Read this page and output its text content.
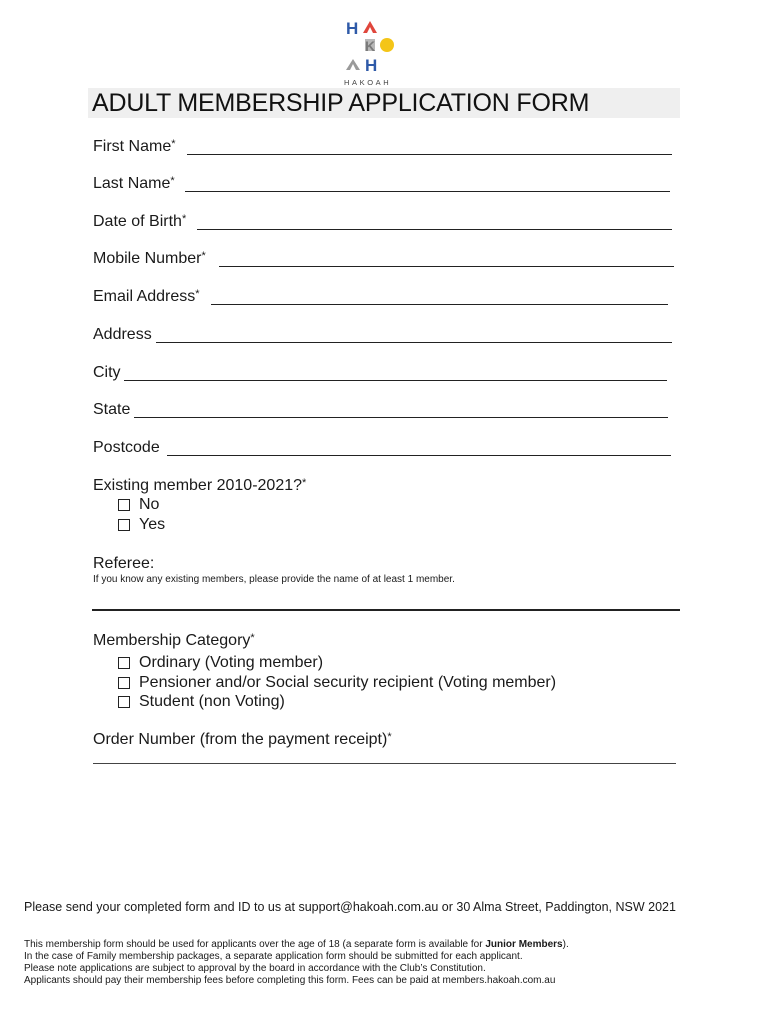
H
K
H
HAKOAH
ADULT MEMBERSHIP APPLICATION FORM
First Name*
Last Name*
Date of Birth*
Mobile Number*
Email Address*
Address
City
State
Postcode
Existing member 2010-2021?*
No
Yes
Referee:
If you know any existing members, please provide the name of at least 1 member.
Membership Category*
Ordinary (Voting member)
Pensioner and/or Social security recipient (Voting member)
Student (non Voting)
Order Number (from the payment receipt)*
Please send your completed form and ID to us at support@hakoah.com.au or 30 Alma Street, Paddington, NSW 2021
This membership form should be used for applicants over the age of 18 (a separate form is available for Junior Members).
In the case of Family membership packages, a separate application form should be submitted for each applicant.
Please note applications are subject to approval by the board in accordance with the Club’s Constitution.
Applicants should pay their membership fees before completing this form. Fees can be paid at members.hakoah.com.au
